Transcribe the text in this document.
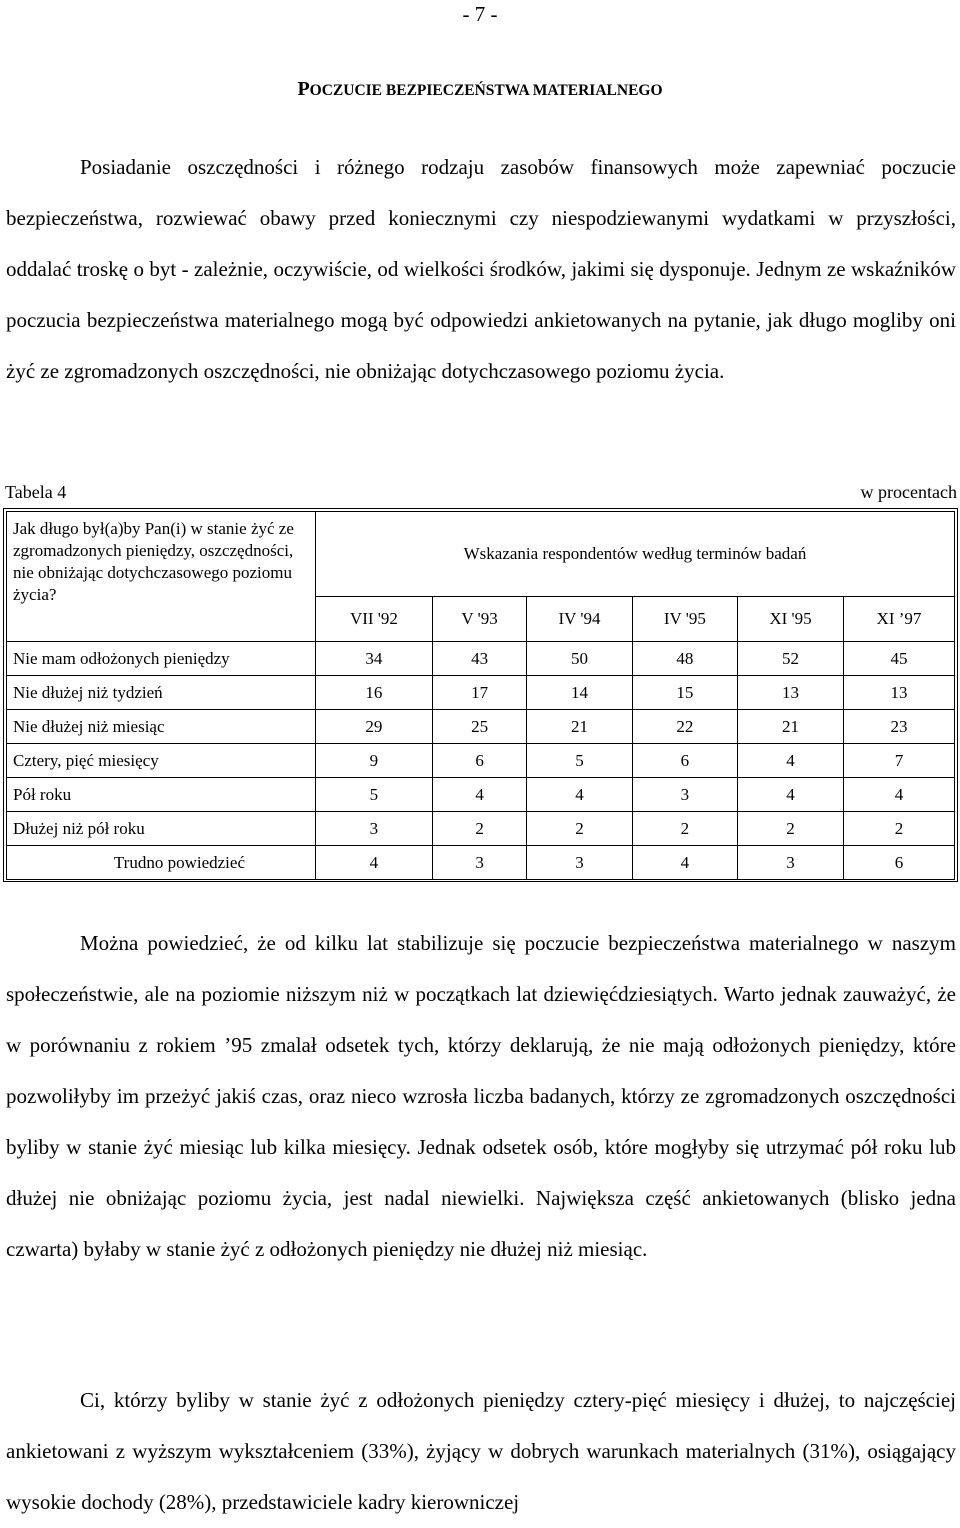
- 7 -
POCZUCIE BEZPIECZEŃSTWA MATERIALNEGO

Posiadanie oszczędności i różnego rodzaju zasobów finansowych może zapewniać poczucie bezpieczeństwa, rozwiewać obawy przed koniecznymi czy niespodziewanymi wydatkami w przyszłości, oddalać troskę o byt - zależnie, oczywiście, od wielkości środków, jakimi się dysponuje. Jednym ze wskaźników poczucia bezpieczeństwa materialnego mogą być odpowiedzi ankietowanych na pytanie, jak długo mogliby oni żyć ze zgromadzonych oszczędności, nie obniżając dotychczasowego poziomu życia.

Tabela 4	w procentach
Jak długo był(a)by Pan(i) w stanie żyć ze zgromadzonych pieniędzy, oszczędności, nie obniżając dotychczasowego poziomu życia?	Wskazania respondentów według terminów badań					
	VII '92	V '93	IV '94	IV '95	XI '95	XI ’97
Nie mam odłożonych pieniędzy	34	43	50	48	52	45
Nie dłużej niż tydzień	16	17	14	15	13	13
Nie dłużej niż miesiąc	29	25	21	22	21	23
Cztery, pięć miesięcy	9	6	5	6	4	7
Pół roku	5	4	4	3	4	4
Dłużej niż pół roku	3	2	2	2	2	2
Trudno powiedzieć	4	3	3	4	3	6

Można powiedzieć, że od kilku lat stabilizuje się poczucie bezpieczeństwa materialnego w naszym społeczeństwie, ale na poziomie niższym niż w początkach lat dziewięćdziesiątych. Warto jednak zauważyć, że w porównaniu z rokiem ’95 zmalał odsetek tych, którzy deklarują, że nie mają odłożonych pieniędzy, które pozwoliłyby im przeżyć jakiś czas, oraz nieco wzrosła liczba badanych, którzy ze zgromadzonych oszczędności byliby w stanie żyć miesiąc lub kilka miesięcy. Jednak odsetek osób, które mogłyby się utrzymać pół roku lub dłużej nie obniżając poziomu życia, jest nadal niewielki. Największa część ankietowanych (blisko jedna czwarta) byłaby w stanie żyć z odłożonych pieniędzy nie dłużej niż miesiąc.

Ci, którzy byliby w stanie żyć z odłożonych pieniędzy cztery-pięć miesięcy i dłużej, to najczęściej ankietowani z wyższym wykształceniem (33%), żyjący w dobrych warunkach materialnych (31%), osiągający wysokie dochody (28%), przedstawiciele kadry kierowniczej
